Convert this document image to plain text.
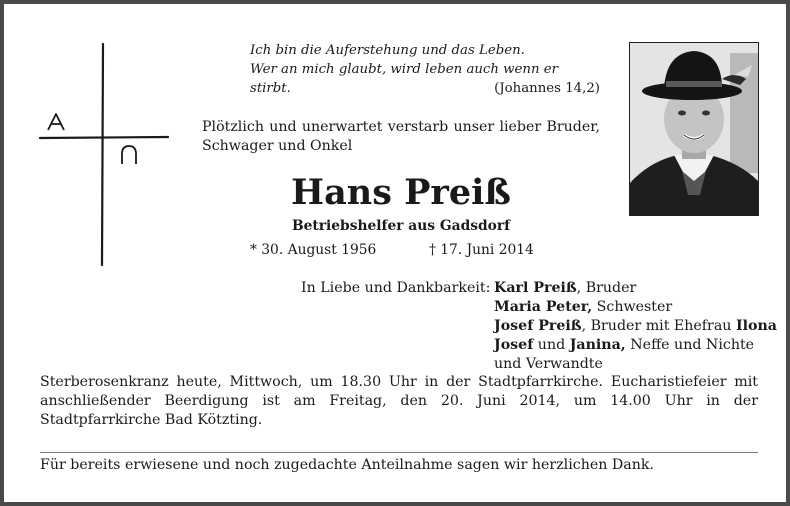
Ich bin die Auferstehung und das Leben.
Wer an mich glaubt, wird leben auch wenn er stirbt.	(Johannes 14,2)
Plötzlich und unerwartet verstarb unser lieber Bruder, Schwager und Onkel
Hans Preiß
Betriebshelfer aus Gadsdorf
* 30. August 1956	† 17. Juni 2014
In Liebe und Dankbarkeit: Karl Preiß, Bruder
Maria Peter, Schwester
Josef Preiß, Bruder mit Ehefrau Ilona
Josef und Janina, Neffe und Nichte
und Verwandte
Sterberosenkranz heute, Mittwoch, um 18.30 Uhr in der Stadtpfarrkirche. Eucharistiefeier mit anschließender Beerdigung ist am Freitag, den 20. Juni 2014, um 14.00 Uhr in der Stadtpfarrkirche Bad Kötzting.
Für bereits erwiesene und noch zugedachte Anteilnahme sagen wir herzlichen Dank.
